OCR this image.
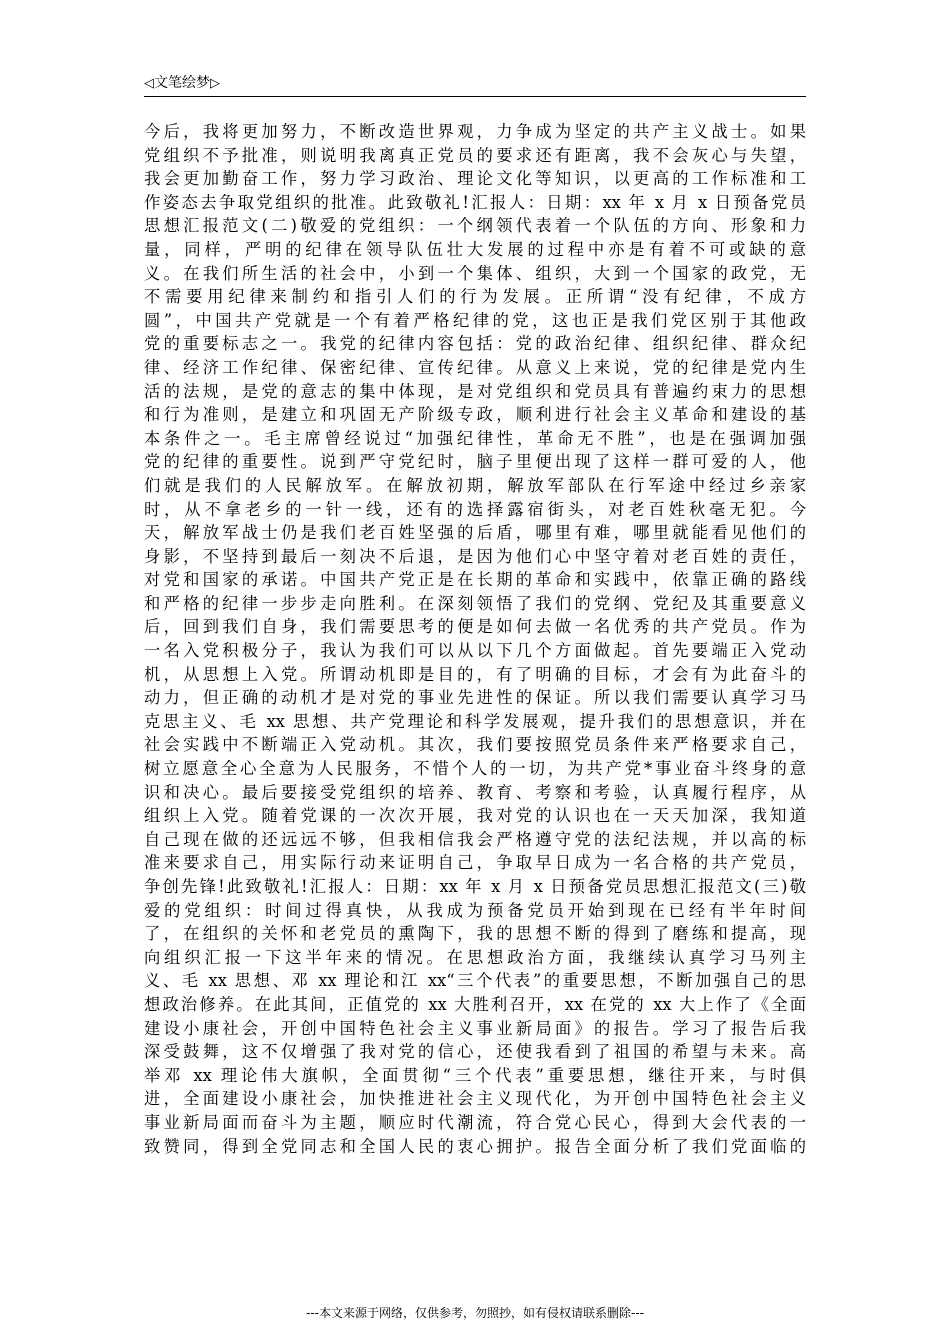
◁文笔绘梦▷
今后，我将更加努力，不断改造世界观，力争成为坚定的共产主义战士。如果
党组织不予批准，则说明我离真正党员的要求还有距离，我不会灰心与失望，
我会更加勤奋工作，努力学习政治、理论文化等知识，以更高的工作标准和工
作姿态去争取党组织的批准。此致敬礼!汇报人：日期：xx 年 x 月 x 日预备党员
思想汇报范文(二)敬爱的党组织：一个纲领代表着一个队伍的方向、形象和力
量，同样，严明的纪律在领导队伍壮大发展的过程中亦是有着不可或缺的意
义。在我们所生活的社会中，小到一个集体、组织，大到一个国家的政党，无
不需要用纪律来制约和指引人们的行为发展。正所谓“没有纪律，不成方
圆”，中国共产党就是一个有着严格纪律的党，这也正是我们党区别于其他政
党的重要标志之一。我党的纪律内容包括：党的政治纪律、组织纪律、群众纪
律、经济工作纪律、保密纪律、宣传纪律。从意义上来说，党的纪律是党内生
活的法规，是党的意志的集中体现，是对党组织和党员具有普遍约束力的思想
和行为准则，是建立和巩固无产阶级专政，顺利进行社会主义革命和建设的基
本条件之一。毛主席曾经说过“加强纪律性，革命无不胜”，也是在强调加强
党的纪律的重要性。说到严守党纪时，脑子里便出现了这样一群可爱的人，他
们就是我们的人民解放军。在解放初期，解放军部队在行军途中经过乡亲家
时，从不拿老乡的一针一线，还有的选择露宿街头，对老百姓秋毫无犯。今
天，解放军战士仍是我们老百姓坚强的后盾，哪里有难，哪里就能看见他们的
身影，不坚持到最后一刻决不后退，是因为他们心中坚守着对老百姓的责任，
对党和国家的承诺。中国共产党正是在长期的革命和实践中，依靠正确的路线
和严格的纪律一步步走向胜利。在深刻领悟了我们的党纲、党纪及其重要意义
后，回到我们自身，我们需要思考的便是如何去做一名优秀的共产党员。作为
一名入党积极分子，我认为我们可以从以下几个方面做起。首先要端正入党动
机，从思想上入党。所谓动机即是目的，有了明确的目标，才会有为此奋斗的
动力，但正确的动机才是对党的事业先进性的保证。所以我们需要认真学习马
克思主义、毛 xx 思想、共产党理论和科学发展观，提升我们的思想意识，并在
社会实践中不断端正入党动机。其次，我们要按照党员条件来严格要求自己，
树立愿意全心全意为人民服务，不惜个人的一切，为共产党*事业奋斗终身的意
识和决心。最后要接受党组织的培养、教育、考察和考验，认真履行程序，从
组织上入党。随着党课的一次次开展，我对党的认识也在一天天加深，我知道
自己现在做的还远远不够，但我相信我会严格遵守党的法纪法规，并以高的标
准来要求自己，用实际行动来证明自己，争取早日成为一名合格的共产党员，
争创先锋!此致敬礼!汇报人：日期：xx 年 x 月 x 日预备党员思想汇报范文(三)敬
爱的党组织：时间过得真快，从我成为预备党员开始到现在已经有半年时间
了，在组织的关怀和老党员的熏陶下，我的思想不断的得到了磨练和提高，现
向组织汇报一下这半年来的情况。在思想政治方面，我继续认真学习马列主
义、毛 xx 思想、邓 xx 理论和江 xx“三个代表”的重要思想，不断加强自己的思
想政治修养。在此其间，正值党的 xx 大胜利召开，xx 在党的 xx 大上作了《全面
建设小康社会，开创中国特色社会主义事业新局面》的报告。学习了报告后我
深受鼓舞，这不仅增强了我对党的信心，还使我看到了祖国的希望与未来。高
举邓 xx 理论伟大旗帜，全面贯彻“三个代表”重要思想，继往开来，与时俱
进，全面建设小康社会，加快推进社会主义现代化，为开创中国特色社会主义
事业新局面而奋斗为主题，顺应时代潮流，符合党心民心，得到大会代表的一
致赞同，得到全党同志和全国人民的衷心拥护。报告全面分析了我们党面临的
---本文来源于网络，仅供参考，勿照抄，如有侵权请联系删除---
